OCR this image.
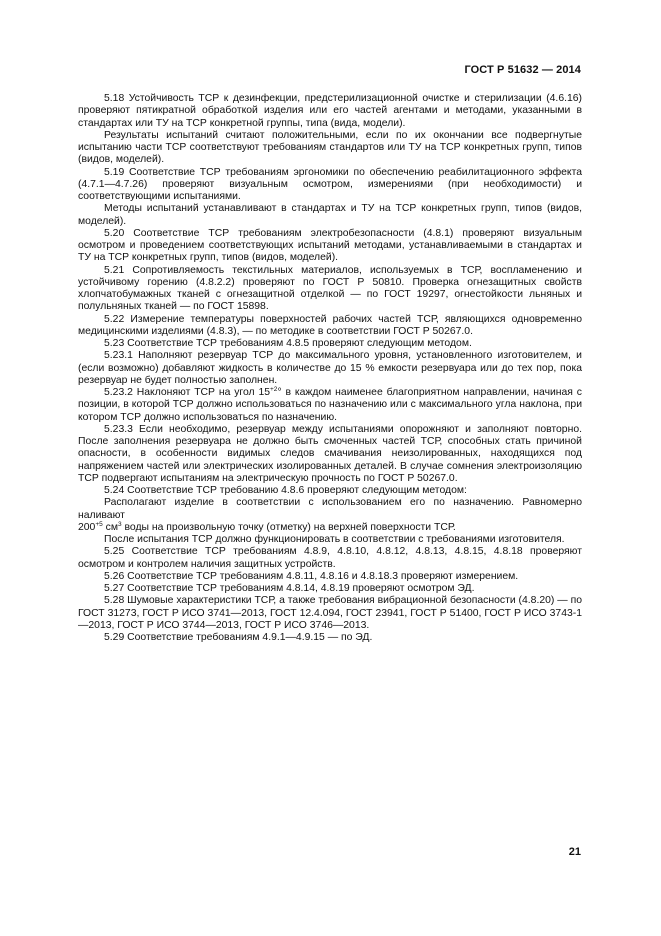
ГОСТ Р 51632 — 2014

5.18 Устойчивость ТСР к дезинфекции, предстерилизационной очистке и стерилизации (4.6.16) проверяют пятикратной обработкой изделия или его частей агентами и методами, указанными в стандартах или ТУ на ТСР конкретной группы, типа (вида, модели).

Результаты испытаний считают положительными, если по их окончании все подвергнутые испытанию части ТСР соответствуют требованиям стандартов или ТУ на ТСР конкретных групп, типов (видов, моделей).

5.19 Соответствие ТСР требованиям эргономики по обеспечению реабилитационного эффекта (4.7.1—4.7.26) проверяют визуальным осмотром, измерениями (при необходимости) и соответствующими испытаниями.

Методы испытаний устанавливают в стандартах и ТУ на ТСР конкретных групп, типов (видов, моделей).

5.20 Соответствие ТСР требованиям электробезопасности (4.8.1) проверяют визуальным осмотром и проведением соответствующих испытаний методами, устанавливаемыми в стандартах и ТУ на ТСР конкретных групп, типов (видов, моделей).

5.21 Сопротивляемость текстильных материалов, используемых в ТСР, воспламенению и устойчивому горению (4.8.2.2) проверяют по ГОСТ Р 50810. Проверка огнезащитных свойств хлопчатобумажных тканей с огнезащитной отделкой — по ГОСТ 19297, огнестойкости льняных и полульняных тканей — по ГОСТ 15898.

5.22 Измерение температуры поверхностей рабочих частей ТСР, являющихся одновременно медицинскими изделиями (4.8.3), — по методике в соответствии ГОСТ Р 50267.0.

5.23 Соответствие ТСР требованиям 4.8.5 проверяют следующим методом.

5.23.1 Наполняют резервуар ТСР до максимального уровня, установленного изготовителем, и (если возможно) добавляют жидкость в количестве до 15 % емкости резервуара или до тех пор, пока резервуар не будет полностью заполнен.

5.23.2 Наклоняют ТСР на угол $15^{+2}^\circ$ в каждом наименее благоприятном направлении, начиная с позиции, в которой ТСР должно использоваться по назначению или с максимального угла наклона, при котором ТСР должно использоваться по назначению.

5.23.3 Если необходимо, резервуар между испытаниями опорожняют и заполняют повторно. После заполнения резервуара не должно быть смоченных частей ТСР, способных стать причиной опасности, в особенности видимых следов смачивания неизолированных, находящихся под напряжением частей или электрических изолированных деталей. В случае сомнения электроизоляцию ТСР подвергают испытаниям на электрическую прочность по ГОСТ Р 50267.0.

5.24 Соответствие ТСР требованию 4.8.6 проверяют следующим методом:

Располагают изделие в соответствии с использованием его по назначению. Равномерно наливают

$200^{+5}$ $см^3$ воды на произвольную точку (отметку) на верхней поверхности ТСР.

После испытания ТСР должно функционировать в соответствии с требованиями изготовителя.

5.25 Соответствие ТСР требованиям 4.8.9, 4.8.10, 4.8.12, 4.8.13, 4.8.15, 4.8.18 проверяют осмотром и контролем наличия защитных устройств.

5.26 Соответствие ТСР требованиям 4.8.11, 4.8.16 и 4.8.18.3 проверяют измерением.

5.27 Соответствие ТСР требованиям 4.8.14, 4.8.19 проверяют осмотром ЭД.

5.28 Шумовые характеристики ТСР, а также требования вибрационной безопасности (4.8.20) — по ГОСТ 31273, ГОСТ Р ИСО 3741—2013, ГОСТ 12.4.094, ГОСТ 23941, ГОСТ Р 51400, ГОСТ Р ИСО 3743-1—2013, ГОСТ Р ИСО 3744—2013, ГОСТ Р ИСО 3746—2013.

5.29 Соответствие требованиям 4.9.1—4.9.15 — по ЭД.

21
